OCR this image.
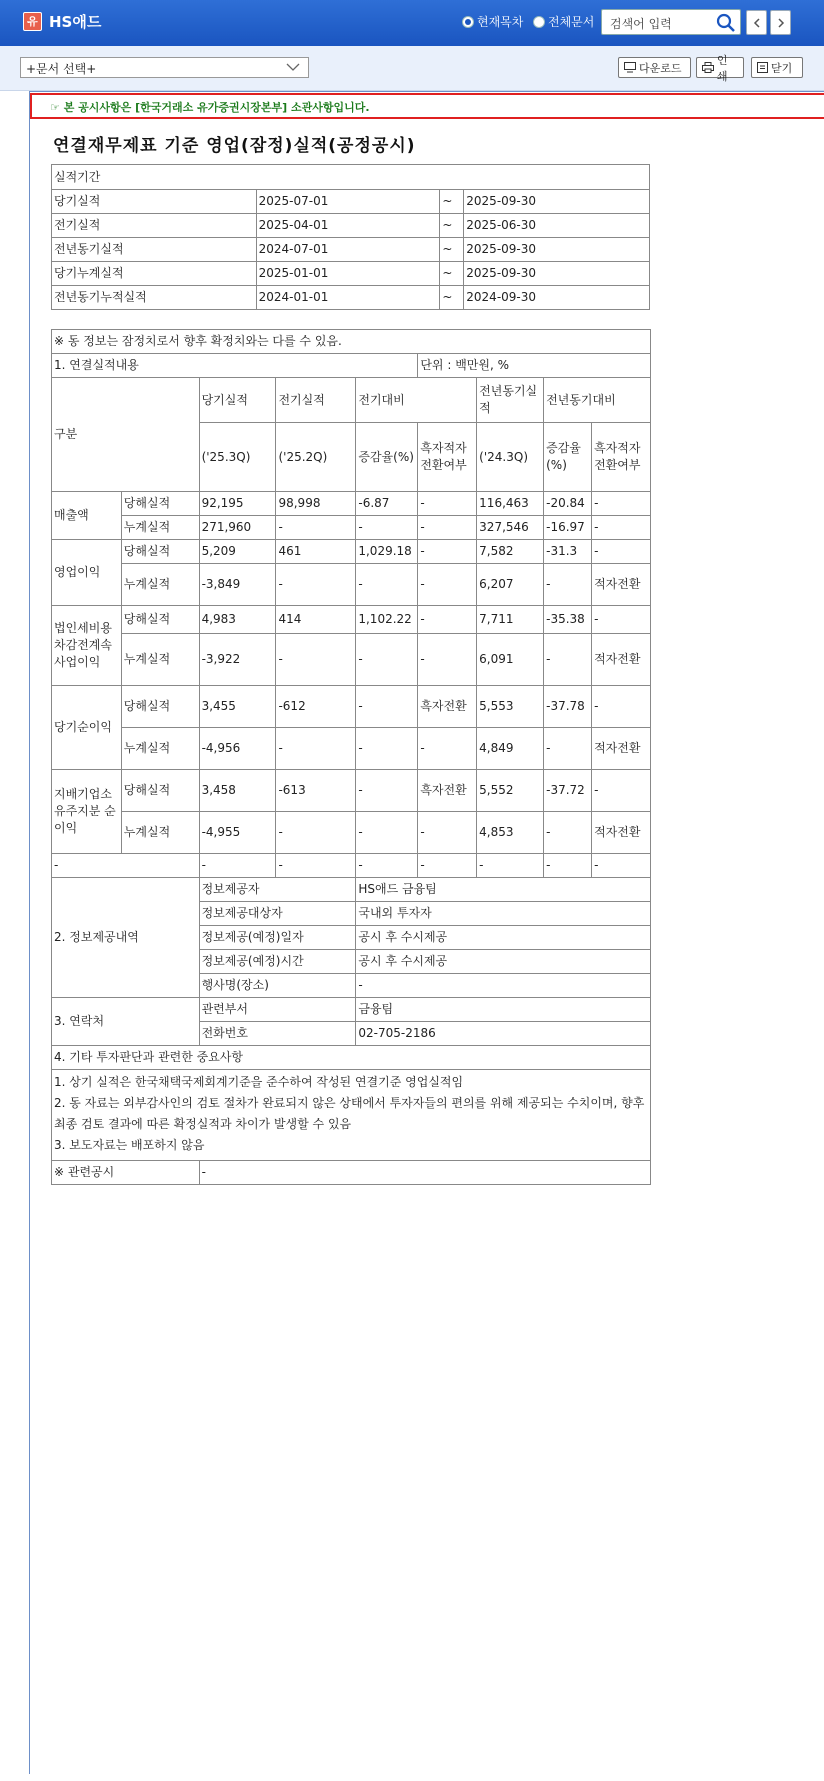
유 HS애드	현재목차 전체문서 검색어 입력
+문서 선택+	다운로드
인쇄
닫기
☞ 본 공시사항은 [한국거래소 유가증권시장본부] 소관사항입니다.
연결재무제표 기준 영업(잠정)실적(공정공시)
실적기간			
당기실적	2025-07-01	~	2025-09-30
전기실적	2025-04-01	~	2025-06-30
전년동기실적	2024-07-01	~	2025-09-30
당기누계실적	2025-01-01	~	2025-09-30
전년동기누적실적	2024-01-01	~	2024-09-30
※ 동 정보는 잠정치로서 향후 확정치와는 다를 수 있음.								
1. 연결실적내용					단위 : 백만원, %			
구분		당기실적	전기실적	전기대비		전년동기실적	전년동기대비	
		('25.3Q)	('25.2Q)	증감율(%)	흑자적자전환여부	('24.3Q)	증감율(%)	흑자적자전환여부
매출액	당해실적	92,195	98,998	-6.87	-	116,463	-20.84	-
	누계실적	271,960	-	-	-	327,546	-16.97	-
영업이익	당해실적	5,209	461	1,029.18	-	7,582	-31.3	-
	누계실적	-3,849	-	-	-	6,207	-	적자전환
법인세비용차감전계속사업이익	당해실적	4,983	414	1,102.22	-	7,711	-35.38	-
	누계실적	-3,922	-	-	-	6,091	-	적자전환
당기순이익	당해실적	3,455	-612	-	흑자전환	5,553	-37.78	-
	누계실적	-4,956	-	-	-	4,849	-	적자전환
지배기업소유주지분 순이익	당해실적	3,458	-613	-	흑자전환	5,552	-37.72	-
	누계실적	-4,955	-	-	-	4,853	-	적자전환
-		-	-	-	-	-	-	-
2. 정보제공내역		정보제공자		HS애드 금융팀				
		정보제공대상자		국내외 투자자				
		정보제공(예정)일자		공시 후 수시제공				
		정보제공(예정)시간		공시 후 수시제공				
		행사명(장소)		-				
3. 연락처		관련부서		금융팀				
		전화번호		02-705-2186				
4. 기타 투자판단과 관련한 중요사항								

1. 상기 실적은 한국채택국제회계기준을 준수하여 작성된 연결기준 영업실적임
2. 동 자료는 외부감사인의 검토 절차가 완료되지 않은 상태에서 투자자들의 편의를 위해 제공되는 수치이며, 향후 최종 검토 결과에 따른 확정실적과 차이가 발생할 수 있음
3. 보도자료는 배포하지 않음								

※ 관련공시		-						
